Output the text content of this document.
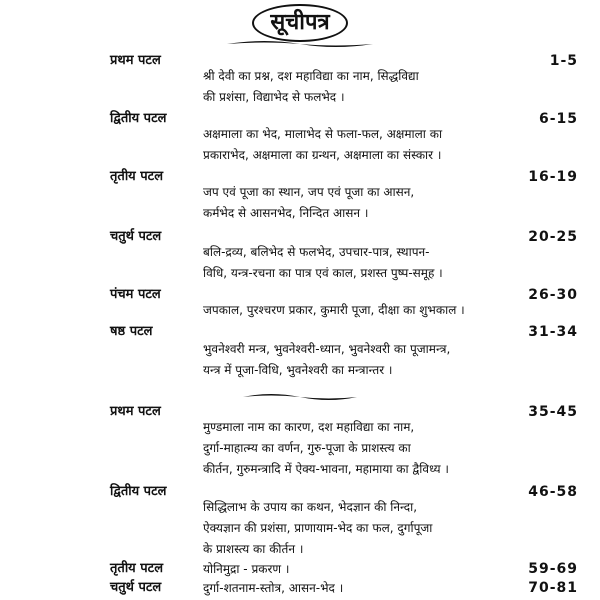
सूचीपत्र
प्रथम पटल	1-5
श्री देवी का प्रश्न, दश महाविद्या का नाम, सिद्धविद्या
की प्रशंसा, विद्याभेद से फलभेद ।
द्वितीय पटल	6-15
अक्षमाला का भेद, मालाभेद से फला-फल, अक्षमाला का
प्रकाराभेद, अक्षमाला का ग्रन्थन, अक्षमाला का संस्कार ।
तृतीय पटल	16-19
जप एवं पूजा का स्थान, जप एवं पूजा का आसन,
कर्मभेद से आसनभेद, निन्दित आसन ।
चतुर्थ पटल	20-25
बलि-द्रव्य, बलिभेद से फलभेद, उपचार-पात्र, स्थापन-
विधि, यन्त्र-रचना का पात्र एवं काल, प्रशस्त पुष्प-समूह ।
पंचम पटल	26-30
जपकाल, पुरश्चरण प्रकार, कुमारी पूजा, दीक्षा का शुभकाल ।
षष्ठ पटल	31-34
भुवनेश्वरी मन्त्र, भुवनेश्वरी-ध्यान, भुवनेश्वरी का पूजामन्त्र,
यन्त्र में पूजा-विधि, भुवनेश्वरी का मन्त्रान्तर ।
प्रथम पटल	35-45
मुण्डमाला नाम का कारण, दश महाविद्या का नाम,
दुर्गा-माहात्म्य का वर्णन, गुरु-पूजा के प्राशस्त्य का
कीर्तन, गुरुमन्त्रादि में ऐक्य-भावना, महामाया का द्वैविध्य ।
द्वितीय पटल	46-58
सिद्धिलाभ के उपाय का कथन, भेदज्ञान की निन्दा,
ऐक्यज्ञान की प्रशंसा, प्राणायाम-भेद का फल, दुर्गापूजा
के प्राशस्त्य का कीर्तन ।
तृतीय पटल	योनिमुद्रा - प्रकरण ।	59-69
चतुर्थ पटल	दुर्गा-शतनाम-स्तोत्र, आसन-भेद ।	70-81
